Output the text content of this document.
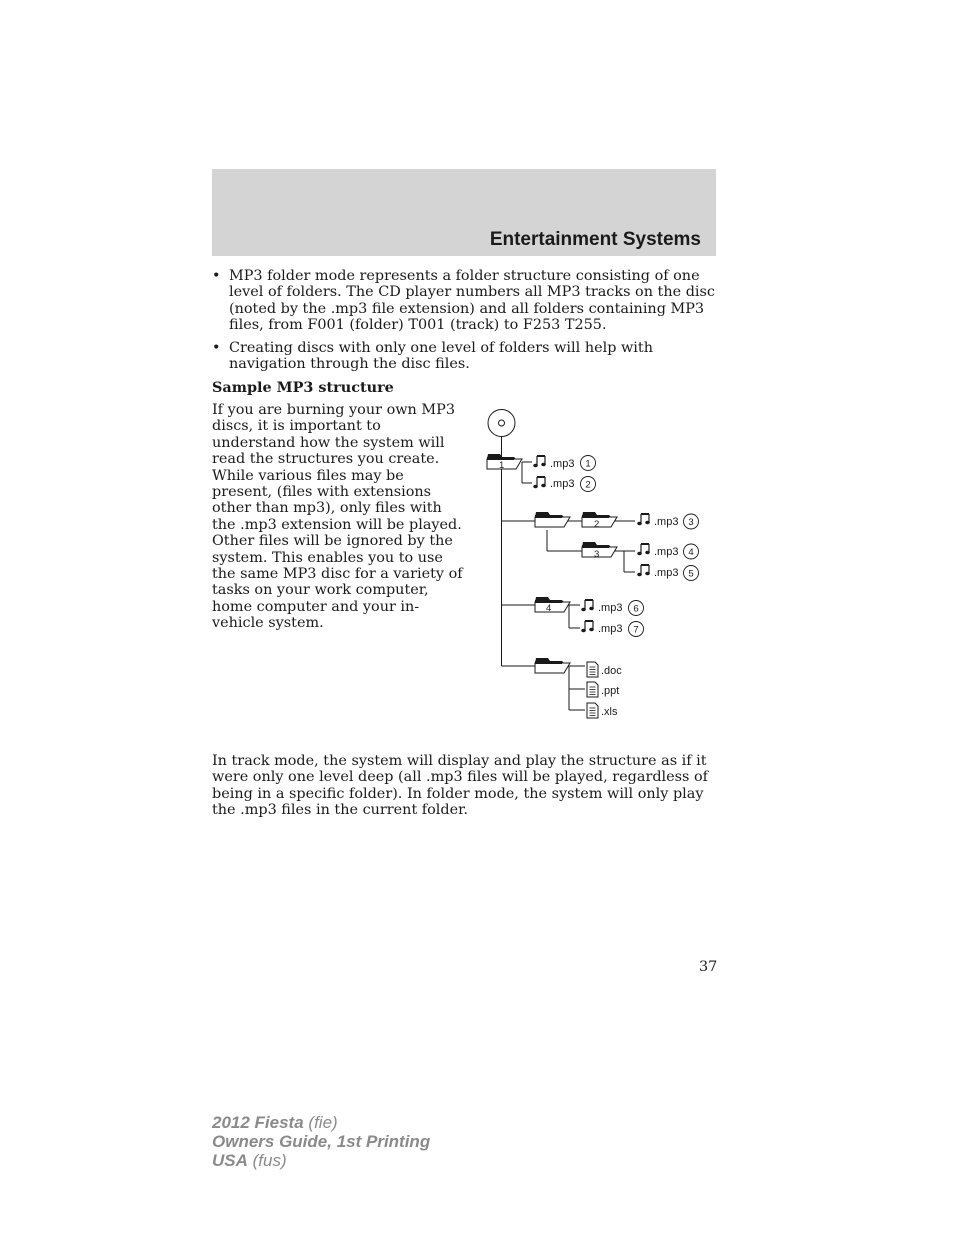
Entertainment Systems
• MP3 folder mode represents a folder structure consisting of one level of folders. The CD player numbers all MP3 tracks on the disc (noted by the .mp3 file extension) and all folders containing MP3 files, from F001 (folder) T001 (track) to F253 T255.
• Creating discs with only one level of folders will help with navigation through the disc files.
Sample MP3 structure

If you are burning your own MP3 discs, it is important to understand how the system will read the structures you create. While various files may be present, (files with extensions other than mp3), only files with the .mp3 extension will be played. Other files will be ignored by the system. This enables you to use the same MP3 disc for a variety of tasks on your work computer, home computer and your in-vehicle system.

1
2
3
4
.mp3 1
.mp3 2
.mp3 3
.mp3 4
.mp3 5
.mp3 6
.mp3 7
.doc
.ppt
.xls

In track mode, the system will display and play the structure as if it were only one level deep (all .mp3 files will be played, regardless of being in a specific folder). In folder mode, the system will only play the .mp3 files in the current folder.

37

2012 Fiesta (fie)
Owners Guide, 1st Printing
USA (fus)
